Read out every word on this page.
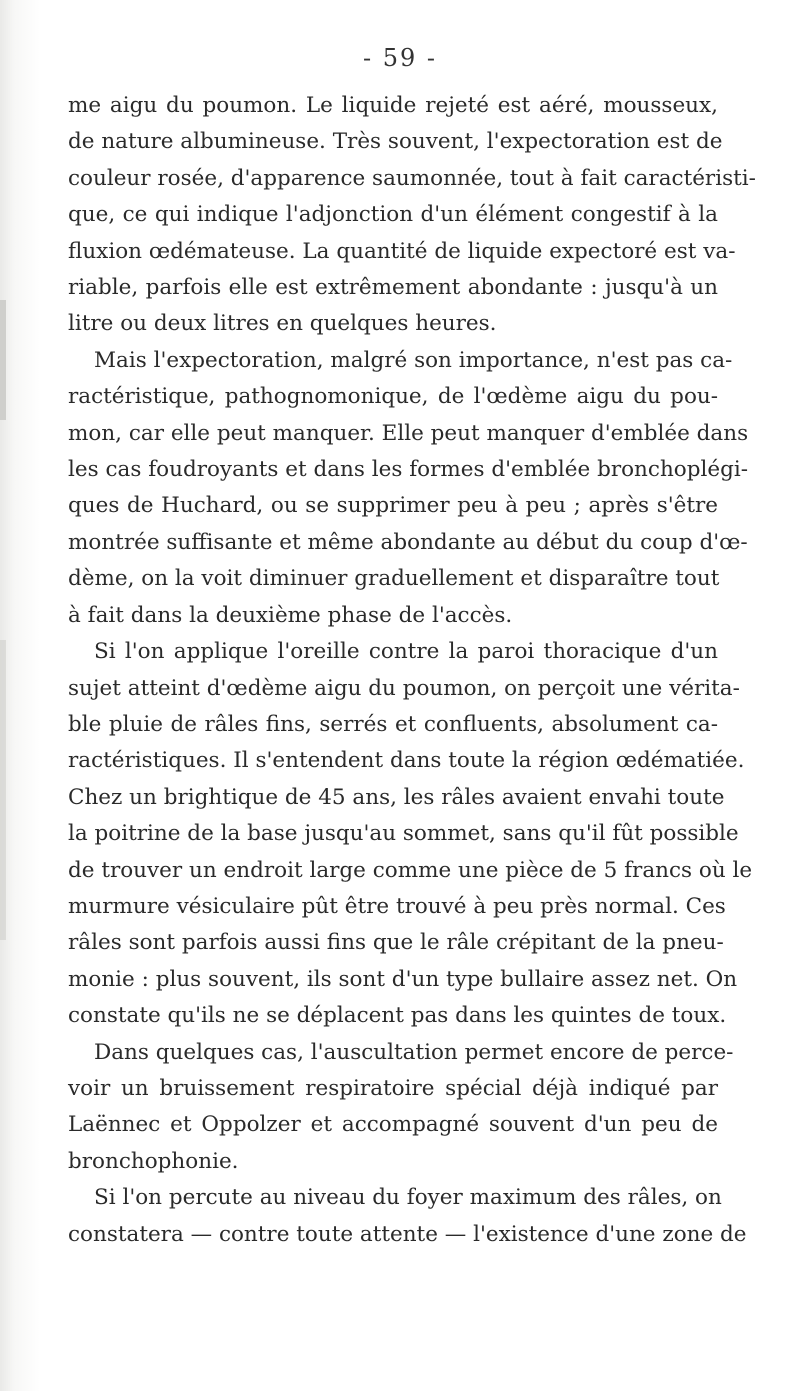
- 59 -
me aigu du poumon. Le liquide rejeté est aéré, mousseux,
de nature albumineuse. Très souvent, l'expectoration est de
couleur rosée, d'apparence saumonnée, tout à fait caractéristi-
que, ce qui indique l'adjonction d'un élément congestif à la
fluxion œdémateuse. La quantité de liquide expectoré est va-
riable, parfois elle est extrêmement abondante : jusqu'à un
litre ou deux litres en quelques heures.
Mais l'expectoration, malgré son importance, n'est pas ca-
ractéristique, pathognomonique, de l'œdème aigu du pou-
mon, car elle peut manquer. Elle peut manquer d'emblée dans
les cas foudroyants et dans les formes d'emblée bronchoplégi-
ques de Huchard, ou se supprimer peu à peu ; après s'être
montrée suffisante et même abondante au début du coup d'œ-
dème, on la voit diminuer graduellement et disparaître tout
à fait dans la deuxième phase de l'accès.
Si l'on applique l'oreille contre la paroi thoracique d'un
sujet atteint d'œdème aigu du poumon, on perçoit une vérita-
ble pluie de râles fins, serrés et confluents, absolument ca-
ractéristiques. Il s'entendent dans toute la région œdématiée.
Chez un brightique de 45 ans, les râles avaient envahi toute
la poitrine de la base jusqu'au sommet, sans qu'il fût possible
de trouver un endroit large comme une pièce de 5 francs où le
murmure vésiculaire pût être trouvé à peu près normal. Ces
râles sont parfois aussi fins que le râle crépitant de la pneu-
monie : plus souvent, ils sont d'un type bullaire assez net. On
constate qu'ils ne se déplacent pas dans les quintes de toux.
Dans quelques cas, l'auscultation permet encore de perce-
voir un bruissement respiratoire spécial déjà indiqué par
Laënnec et Oppolzer et accompagné souvent d'un peu de
bronchophonie.
Si l'on percute au niveau du foyer maximum des râles, on
constatera — contre toute attente — l'existence d'une zone de
